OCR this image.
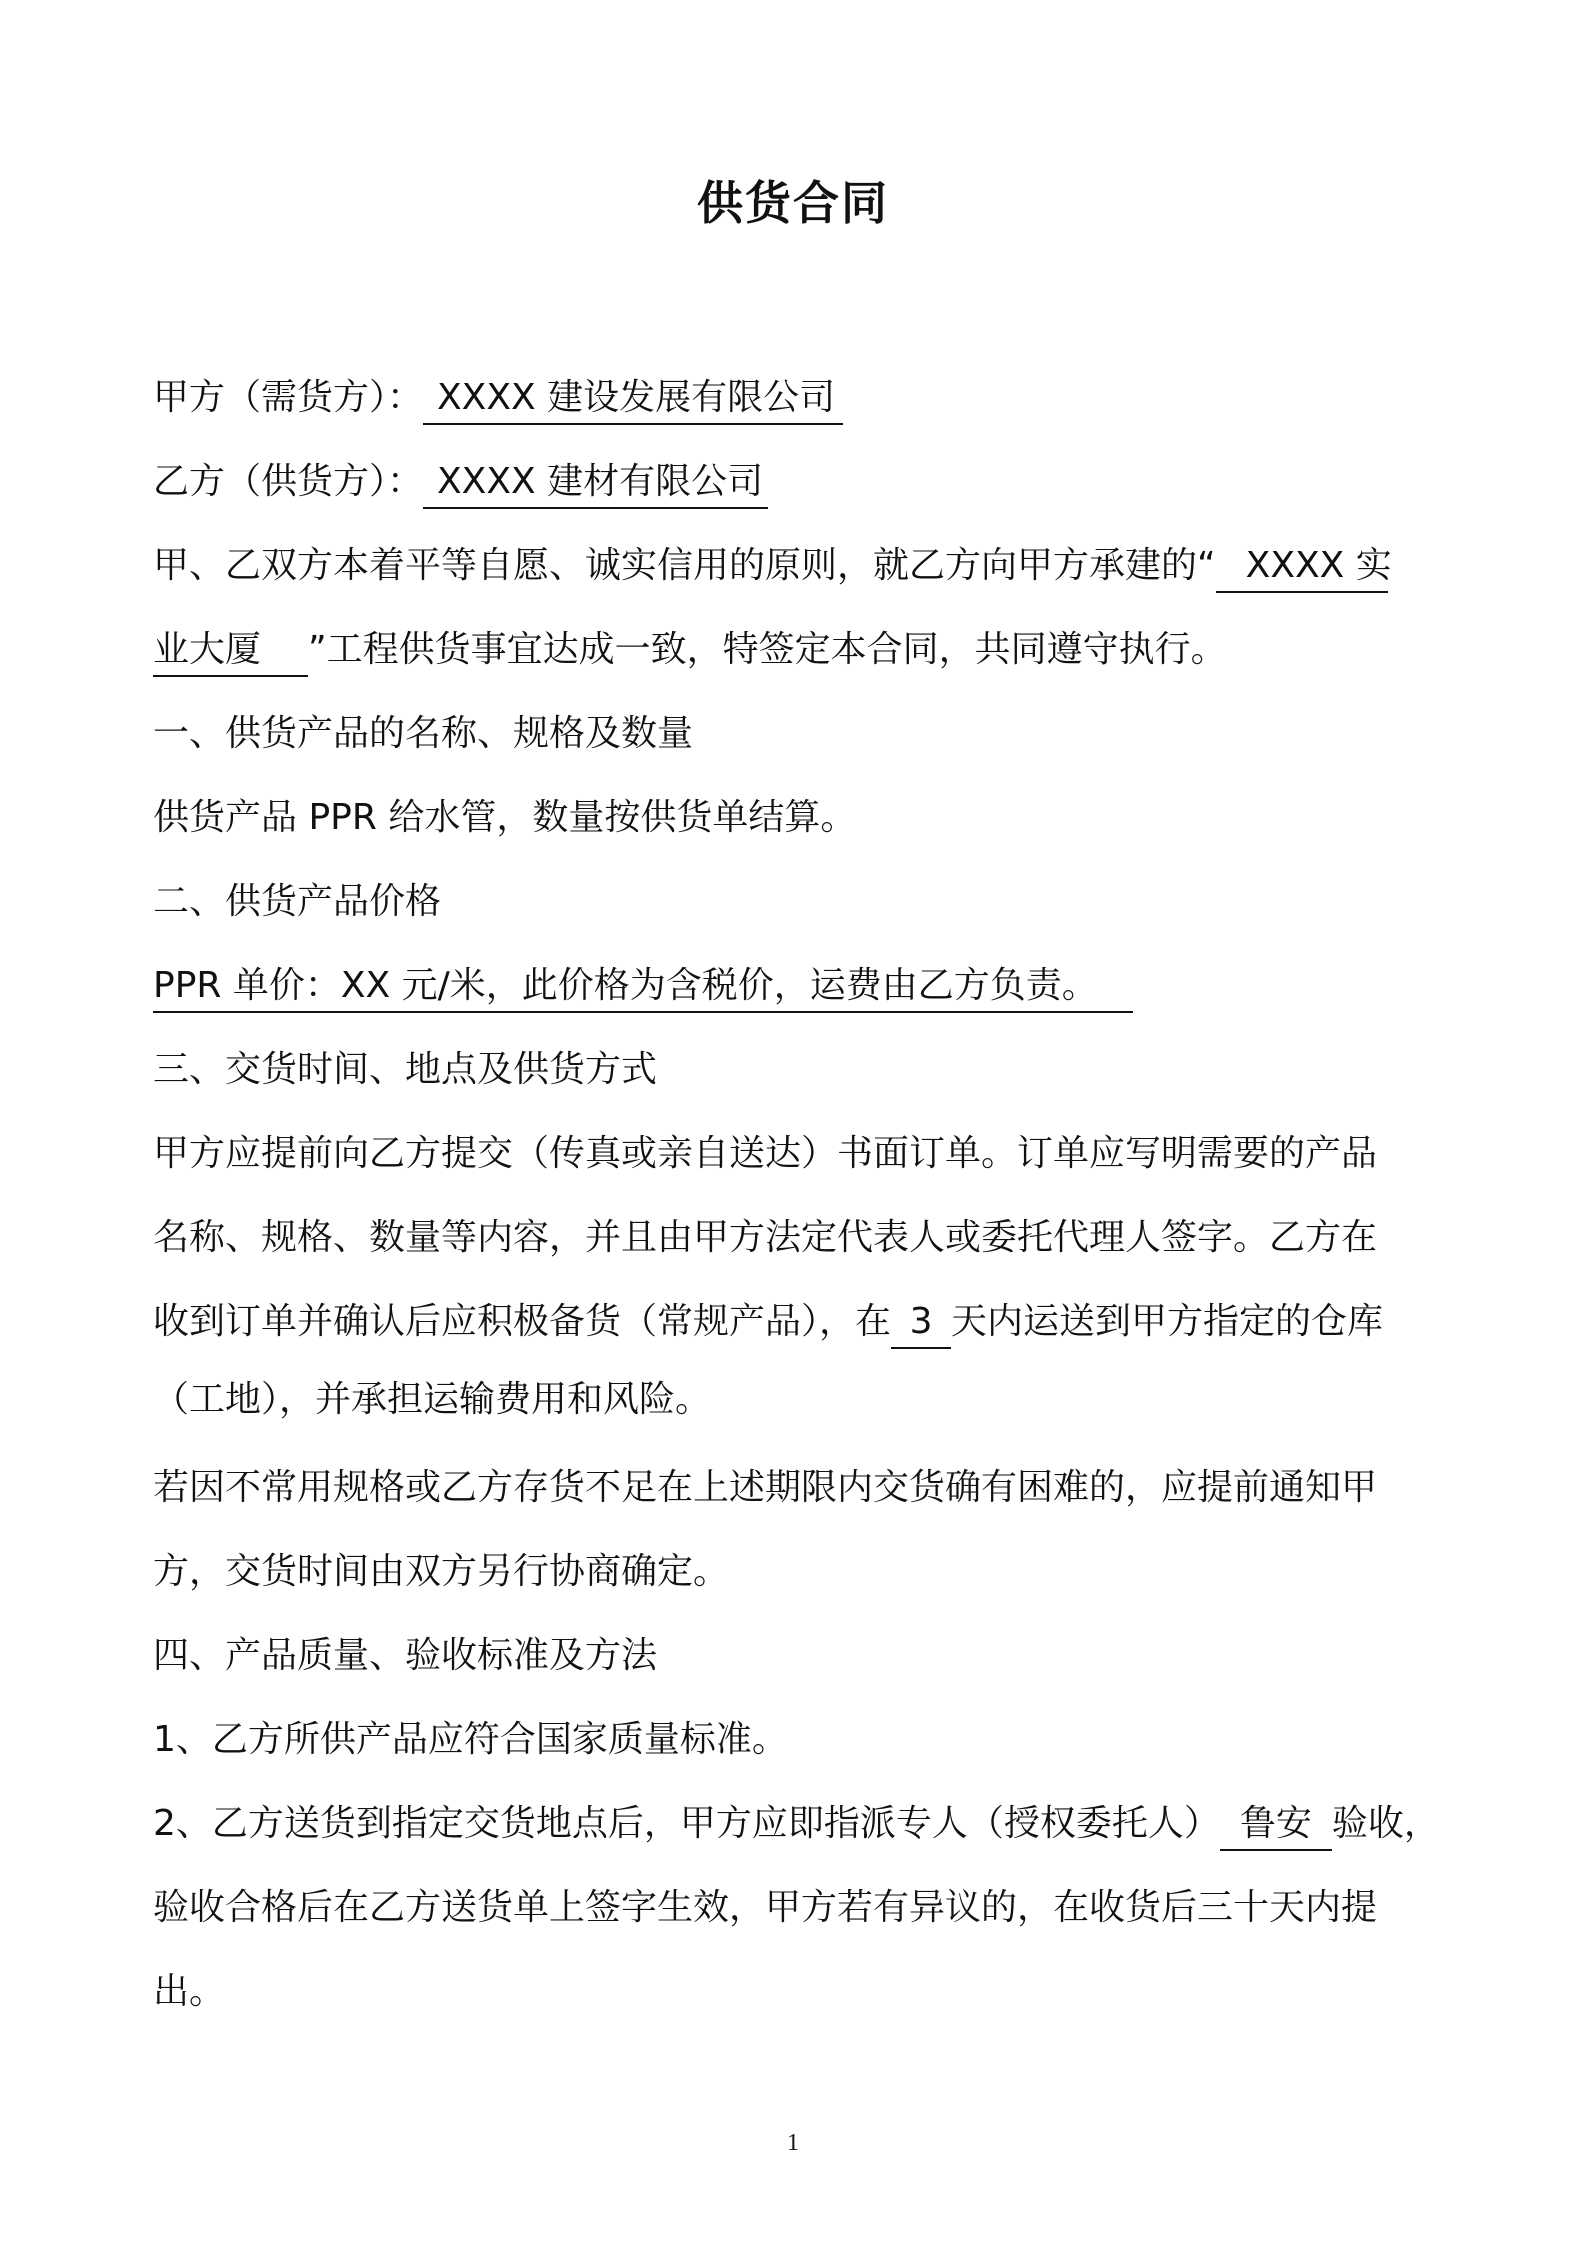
供货合同
甲方（需货方）： XXXX 建设发展有限公司
乙方（供货方）： XXXX 建材有限公司
甲、乙双方本着平等自愿、诚实信用的原则，就乙方向甲方承建的“ XXXX 实
业大厦 ”工程供货事宜达成一致，特签定本合同，共同遵守执行。
一、供货产品的名称、规格及数量
供货产品 PPR 给水管，数量按供货单结算。
二、供货产品价格
PPR 单价：XX 元/米，此价格为含税价，运费由乙方负责。
三、交货时间、地点及供货方式
甲方应提前向乙方提交（传真或亲自送达）书面订单。订单应写明需要的产品
名称、规格、数量等内容，并且由甲方法定代表人或委托代理人签字。乙方在
收到订单并确认后应积极备货（常规产品），在 3 天内运送到甲方指定的仓库
（工地），并承担运输费用和风险。
若因不常用规格或乙方存货不足在上述期限内交货确有困难的，应提前通知甲
方，交货时间由双方另行协商确定。
四、产品质量、验收标准及方法
1、乙方所供产品应符合国家质量标准。
2、乙方送货到指定交货地点后，甲方应即指派专人（授权委托人） 鲁安 验收，
验收合格后在乙方送货单上签字生效，甲方若有异议的，在收货后三十天内提
出。
1
